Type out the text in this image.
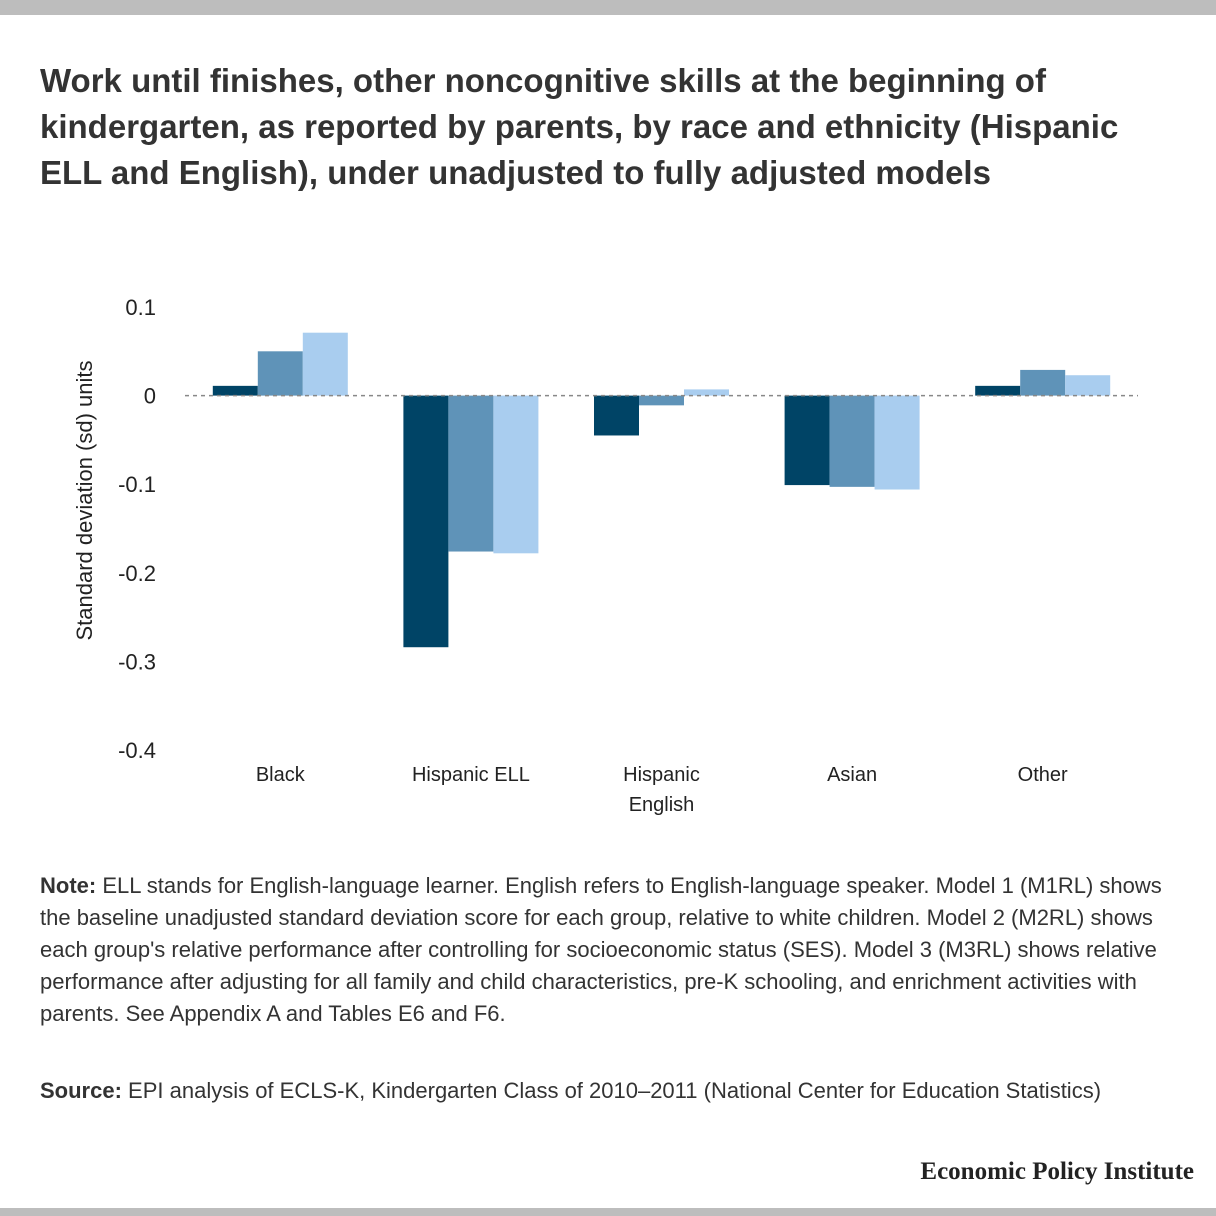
Work until finishes, other noncognitive skills at the beginning of kindergarten, as reported by parents, by race and ethnicity (Hispanic ELL and English), under unadjusted to fully adjusted models
0.1
0
-0.1
-0.2
-0.3
-0.4
Standard deviation (sd) units
Black	Hispanic ELL	Hispanic
English
Asian	Other

Note: ELL stands for English-language learner. English refers to English-language speaker. Model 1 (M1RL) shows the baseline unadjusted standard deviation score for each group, relative to white children. Model 2 (M2RL) shows each group's relative performance after controlling for socioeconomic status (SES). Model 3 (M3RL) shows relative performance after adjusting for all family and child characteristics, pre-K schooling, and enrichment activities with parents. See Appendix A and Tables E6 and F6.

Source: EPI analysis of ECLS-K, Kindergarten Class of 2010–2011 (National Center for Education Statistics)

Economic Policy Institute
